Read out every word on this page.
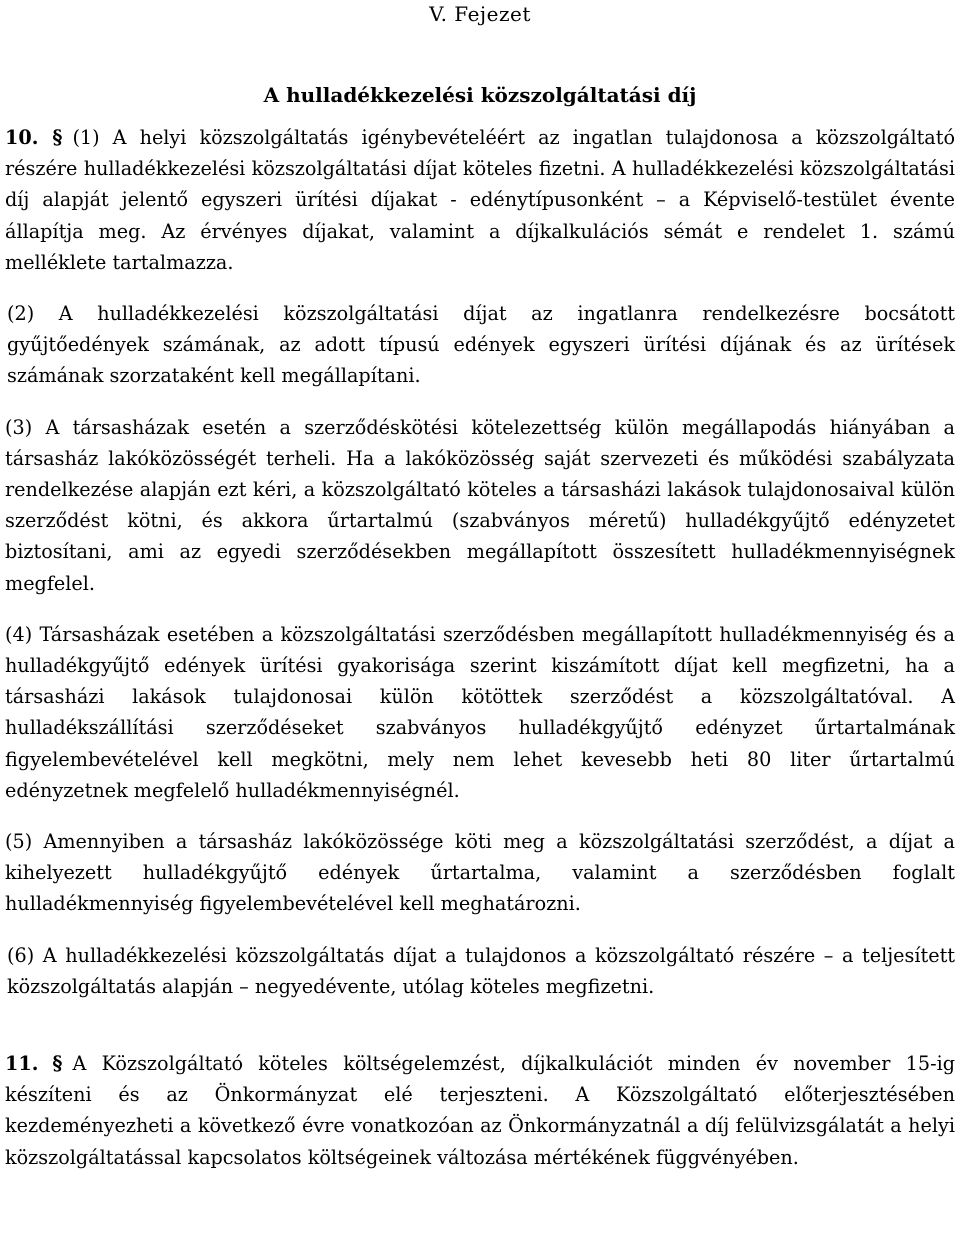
V. Fejezet
A hulladékkezelési közszolgáltatási díj

10. § (1) A helyi közszolgáltatás igénybevételéért az ingatlan tulajdonosa a közszolgáltató részére hulladékkezelési közszolgáltatási díjat köteles fizetni. A hulladékkezelési közszolgáltatási díj alapját jelentő egyszeri ürítési díjakat - edénytípusonként – a Képviselő-testület évente állapítja meg. Az érvényes díjakat, valamint a díjkalkulációs sémát e rendelet 1. számú melléklete tartalmazza.

(2) A hulladékkezelési közszolgáltatási díjat az ingatlanra rendelkezésre bocsátott gyűjtőedények számának, az adott típusú edények egyszeri ürítési díjának és az ürítések számának szorzataként kell megállapítani.

(3) A társasházak esetén a szerződéskötési kötelezettség külön megállapodás hiányában a társasház lakóközösségét terheli. Ha a lakóközösség saját szervezeti és működési szabályzata rendelkezése alapján ezt kéri, a közszolgáltató köteles a társasházi lakások tulajdonosaival külön szerződést kötni, és akkora űrtartalmú (szabványos méretű) hulladékgyűjtő edényzetet biztosítani, ami az egyedi szerződésekben megállapított összesített hulladékmennyiségnek megfelel.

(4) Társasházak esetében a közszolgáltatási szerződésben megállapított hulladékmennyiség és a hulladékgyűjtő edények ürítési gyakorisága szerint kiszámított díjat kell megfizetni, ha a társasházi lakások tulajdonosai külön kötöttek szerződést a közszolgáltatóval. A hulladékszállítási szerződéseket szabványos hulladékgyűjtő edényzet űrtartalmának figyelembevételével kell megkötni, mely nem lehet kevesebb heti 80 liter űrtartalmú edényzetnek megfelelő hulladékmennyiségnél.

(5) Amennyiben a társasház lakóközössége köti meg a közszolgáltatási szerződést, a díjat a kihelyezett hulladékgyűjtő edények űrtartalma, valamint a szerződésben foglalt hulladékmennyiség figyelembevételével kell meghatározni.

(6) A hulladékkezelési közszolgáltatás díjat a tulajdonos a közszolgáltató részére – a teljesített közszolgáltatás alapján – negyedévente, utólag köteles megfizetni.

11. § A Közszolgáltató köteles költségelemzést, díjkalkulációt minden év november 15-ig készíteni és az Önkormányzat elé terjeszteni. A Közszolgáltató előterjesztésében kezdeményezheti a következő évre vonatkozóan az Önkormányzatnál a díj felülvizsgálatát a helyi közszolgáltatással kapcsolatos költségeinek változása mértékének függvényében.
